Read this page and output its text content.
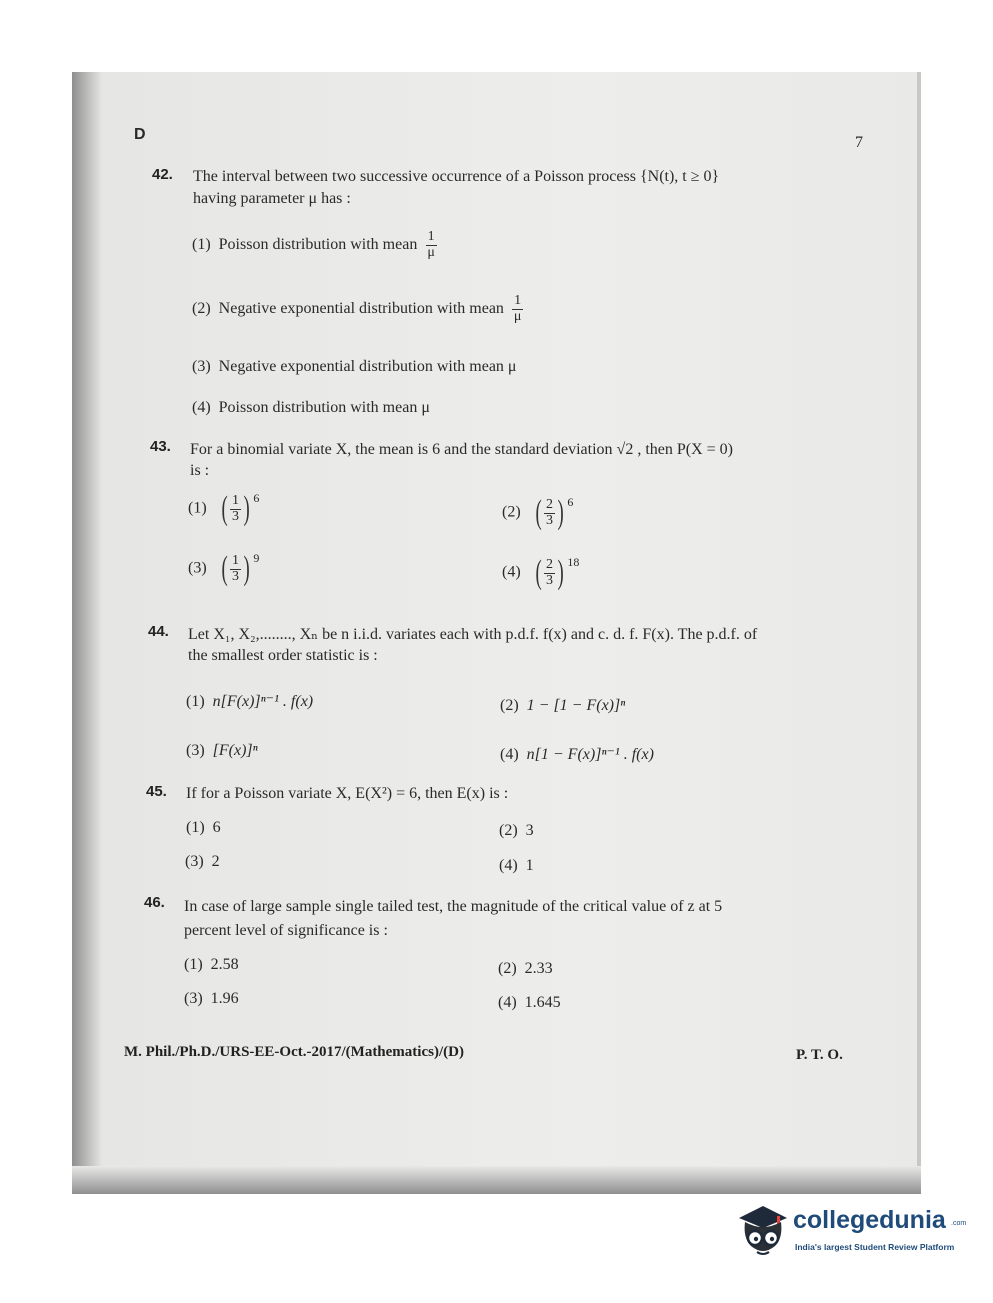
D	7
42. The interval between two successive occurrence of a Poisson process {N(t), t ≥ 0}
having parameter μ has :
(1) Poisson distribution with mean $\frac{1}{\mu}$
(2) Negative exponential distribution with mean $\frac{1}{\mu}$
(3) Negative exponential distribution with mean μ
(4) Poisson distribution with mean μ
43. For a binomial variate X, the mean is 6 and the standard deviation √2 , then P(X = 0)
is :
(1) ( $\frac{1}{3}$ ) 6
(2) ( $\frac{2}{3}$ ) 6
(3) ( $\frac{1}{3}$ ) 9
(4) ( $\frac{2}{3}$ ) 18
44. Let X₁, X₂,........, Xₙ be n i.i.d. variates each with p.d.f. f(x) and c. d. f. F(x). The p.d.f. of
the smallest order statistic is :
(1) n[F(x)]ⁿ⁻¹ . f(x)	(2) 1 − [1 − F(x)]ⁿ
(3) [F(x)]ⁿ	(4) n[1 − F(x)]ⁿ⁻¹ . f(x)
45. If for a Poisson variate X, E(X²) = 6, then E(x) is :
(1) 6	(2) 3
(3) 2	(4) 1
46. In case of large sample single tailed test, the magnitude of the critical value of z at 5
percent level of significance is :
(1) 2.58	(2) 2.33
(3) 1.96	(4) 1.645
M. Phil./Ph.D./URS-EE-Oct.-2017/(Mathematics)/(D)	P. T. O.
collegedunia .com
India's largest Student Review Platform
